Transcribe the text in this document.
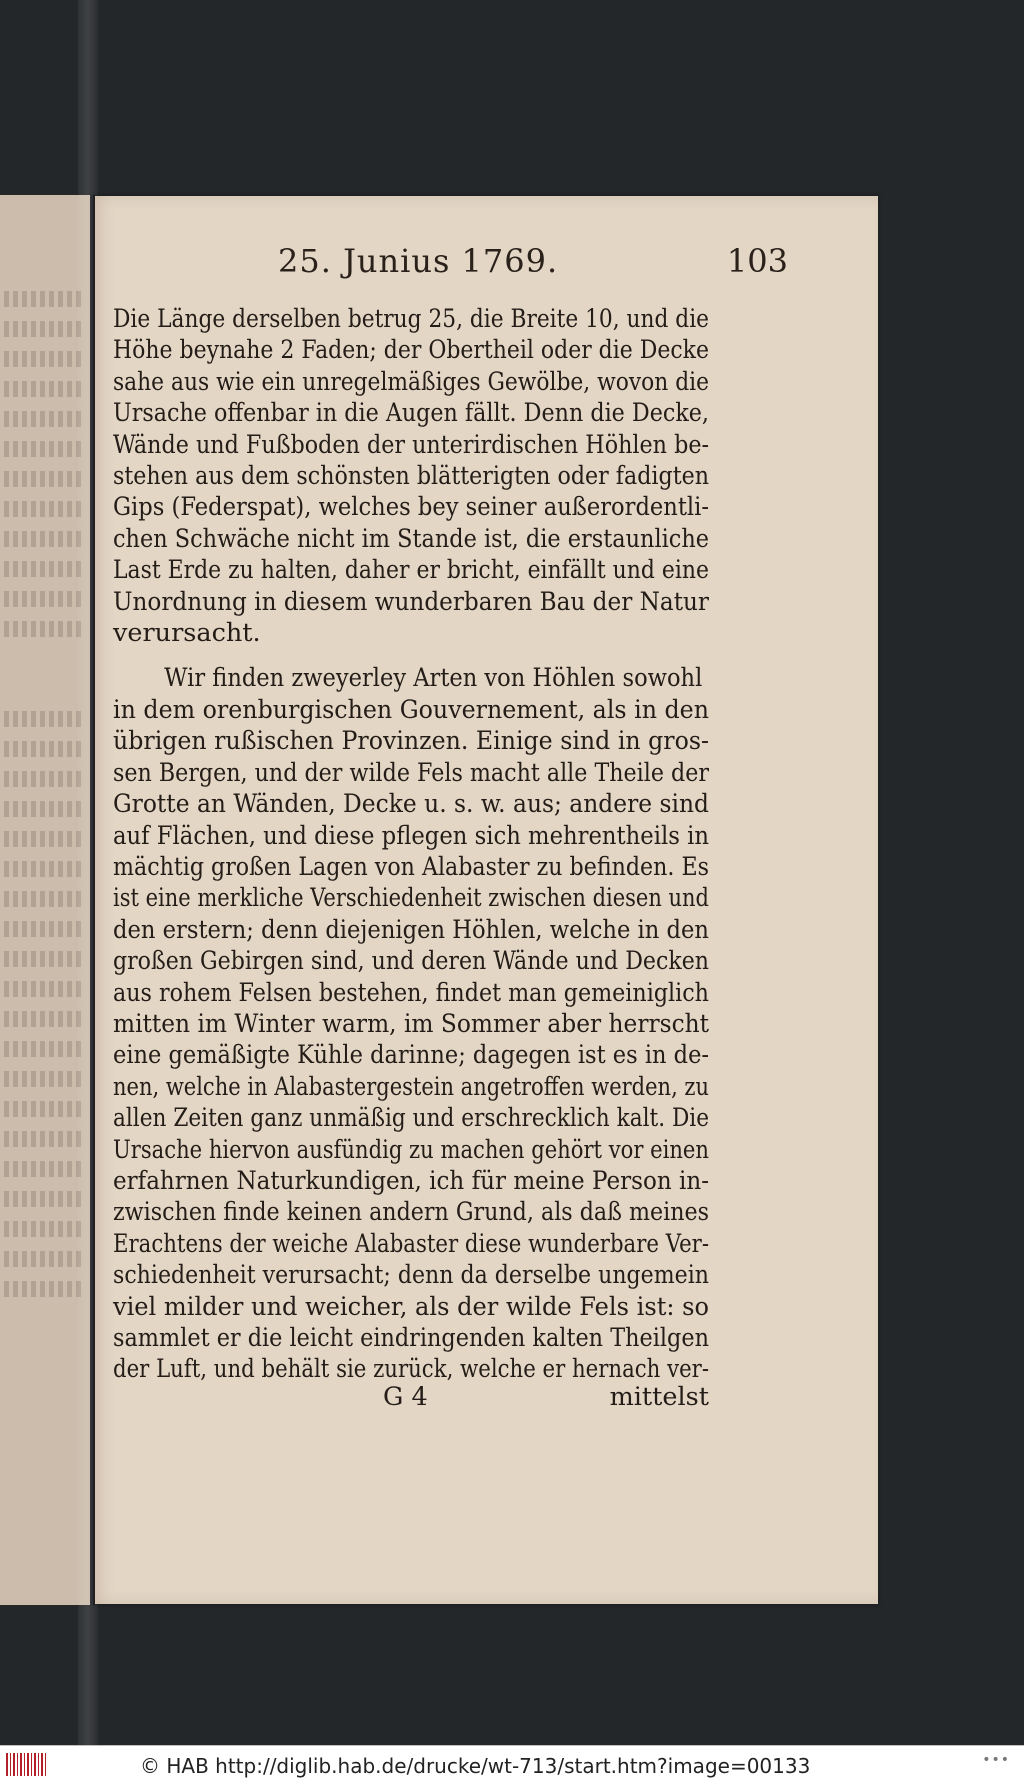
25. Junius 1769.	103
Die Länge derselben betrug 25, die Breite 10, und die
Höhe beynahe 2 Faden; der Obertheil oder die Decke
sahe aus wie ein unregelmäßiges Gewölbe, wovon die
Ursache offenbar in die Augen fällt. Denn die Decke,
Wände und Fußboden der unterirdischen Höhlen be-
stehen aus dem schönsten blätterigten oder fadigten
Gips (Federspat), welches bey seiner außerordentli-
chen Schwäche nicht im Stande ist, die erstaunliche
Last Erde zu halten, daher er bricht, einfällt und eine
Unordnung in diesem wunderbaren Bau der Natur
verursacht.
Wir finden zweyerley Arten von Höhlen sowohl
in dem orenburgischen Gouvernement, als in den
übrigen rußischen Provinzen. Einige sind in gros-
sen Bergen, und der wilde Fels macht alle Theile der
Grotte an Wänden, Decke u. s. w. aus; andere sind
auf Flächen, und diese pflegen sich mehrentheils in
mächtig großen Lagen von Alabaster zu befinden. Es
ist eine merkliche Verschiedenheit zwischen diesen und
den erstern; denn diejenigen Höhlen, welche in den
großen Gebirgen sind, und deren Wände und Decken
aus rohem Felsen bestehen, findet man gemeiniglich
mitten im Winter warm, im Sommer aber herrscht
eine gemäßigte Kühle darinne; dagegen ist es in de-
nen, welche in Alabastergestein angetroffen werden, zu
allen Zeiten ganz unmäßig und erschrecklich kalt. Die
Ursache hiervon ausfündig zu machen gehört vor einen
erfahrnen Naturkundigen, ich für meine Person in-
zwischen finde keinen andern Grund, als daß meines
Erachtens der weiche Alabaster diese wunderbare Ver-
schiedenheit verursacht; denn da derselbe ungemein
viel milder und weicher, als der wilde Fels ist: so
sammlet er die leicht eindringenden kalten Theilgen
der Luft, und behält sie zurück, welche er hernach ver-
G 4	mittelst
© HAB http://diglib.hab.de/drucke/wt-713/start.htm?image=00133	•••
